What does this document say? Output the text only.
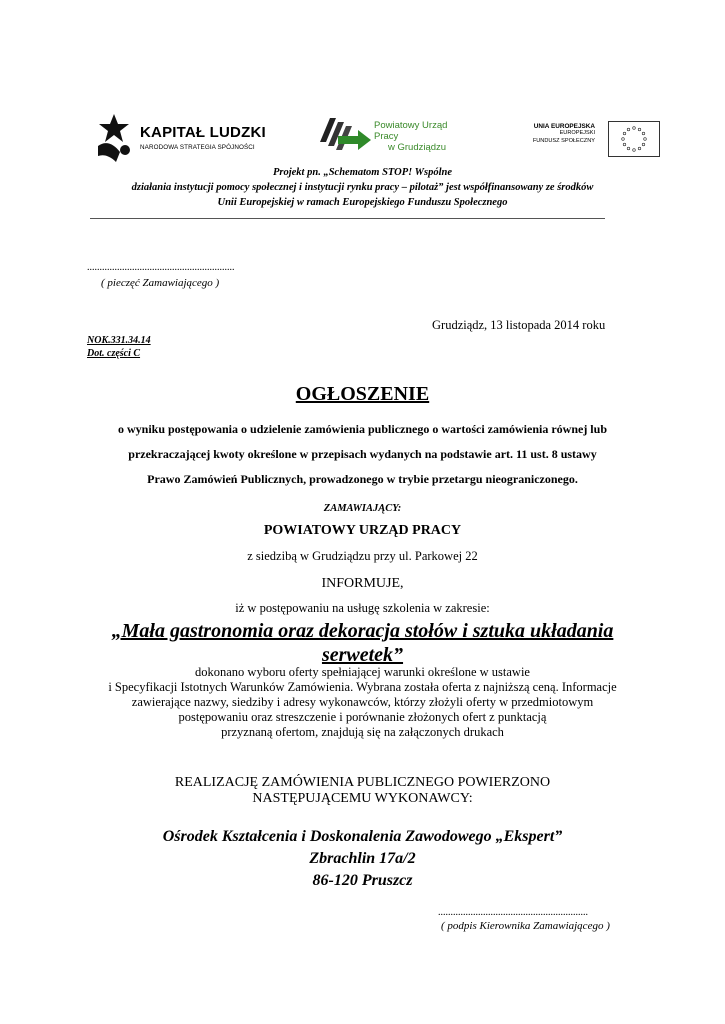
KAPITAŁ LUDZKI
NARODOWA STRATEGIA SPÓJNOŚCI
Powiatowy Urząd Pracy
w Grudziądzu
UNIA EUROPEJSKA
EUROPEJSKI
FUNDUSZ SPOŁECZNY
Projekt pn. „Schematom STOP! Wspólne
działania instytucji pomocy społecznej i instytucji rynku pracy – pilotaż” jest współfinansowany ze środków
Unii Europejskiej w ramach Europejskiego Funduszu Społecznego
...........................................................
( pieczęć Zamawiającego )
Grudziądz, 13 listopada 2014 roku
NOK.331.34.14
Dot. części C
OGŁOSZENIE
o wyniku postępowania o udzielenie zamówienia publicznego o wartości zamówienia równej lub
przekraczającej kwoty określone w przepisach wydanych na podstawie art. 11 ust. 8 ustawy
Prawo Zamówień Publicznych, prowadzonego w trybie przetargu nieograniczonego.
ZAMAWIAJĄCY:
POWIATOWY URZĄD PRACY
z siedzibą w Grudziądzu przy ul. Parkowej 22
INFORMUJE,
iż w postępowaniu na usługę szkolenia w zakresie:
„Mała gastronomia oraz dekoracja stołów i sztuka układania
serwetek”
dokonano wyboru oferty spełniającej warunki określone w ustawie
i Specyfikacji Istotnych Warunków Zamówienia. Wybrana została oferta z najniższą ceną. Informacje
zawierające nazwy, siedziby i adresy wykonawców, którzy złożyli oferty w przedmiotowym
postępowaniu oraz streszczenie i porównanie złożonych ofert z punktacją
przyznaną ofertom, znajdują się na załączonych drukach
REALIZACJĘ ZAMÓWIENIA PUBLICZNEGO POWIERZONO
NASTĘPUJĄCEMU WYKONAWCY:
Ośrodek Kształcenia i Doskonalenia Zawodowego „Ekspert”
Zbrachlin 17a/2
86-120 Pruszcz
............................................................
( podpis Kierownika Zamawiającego )
